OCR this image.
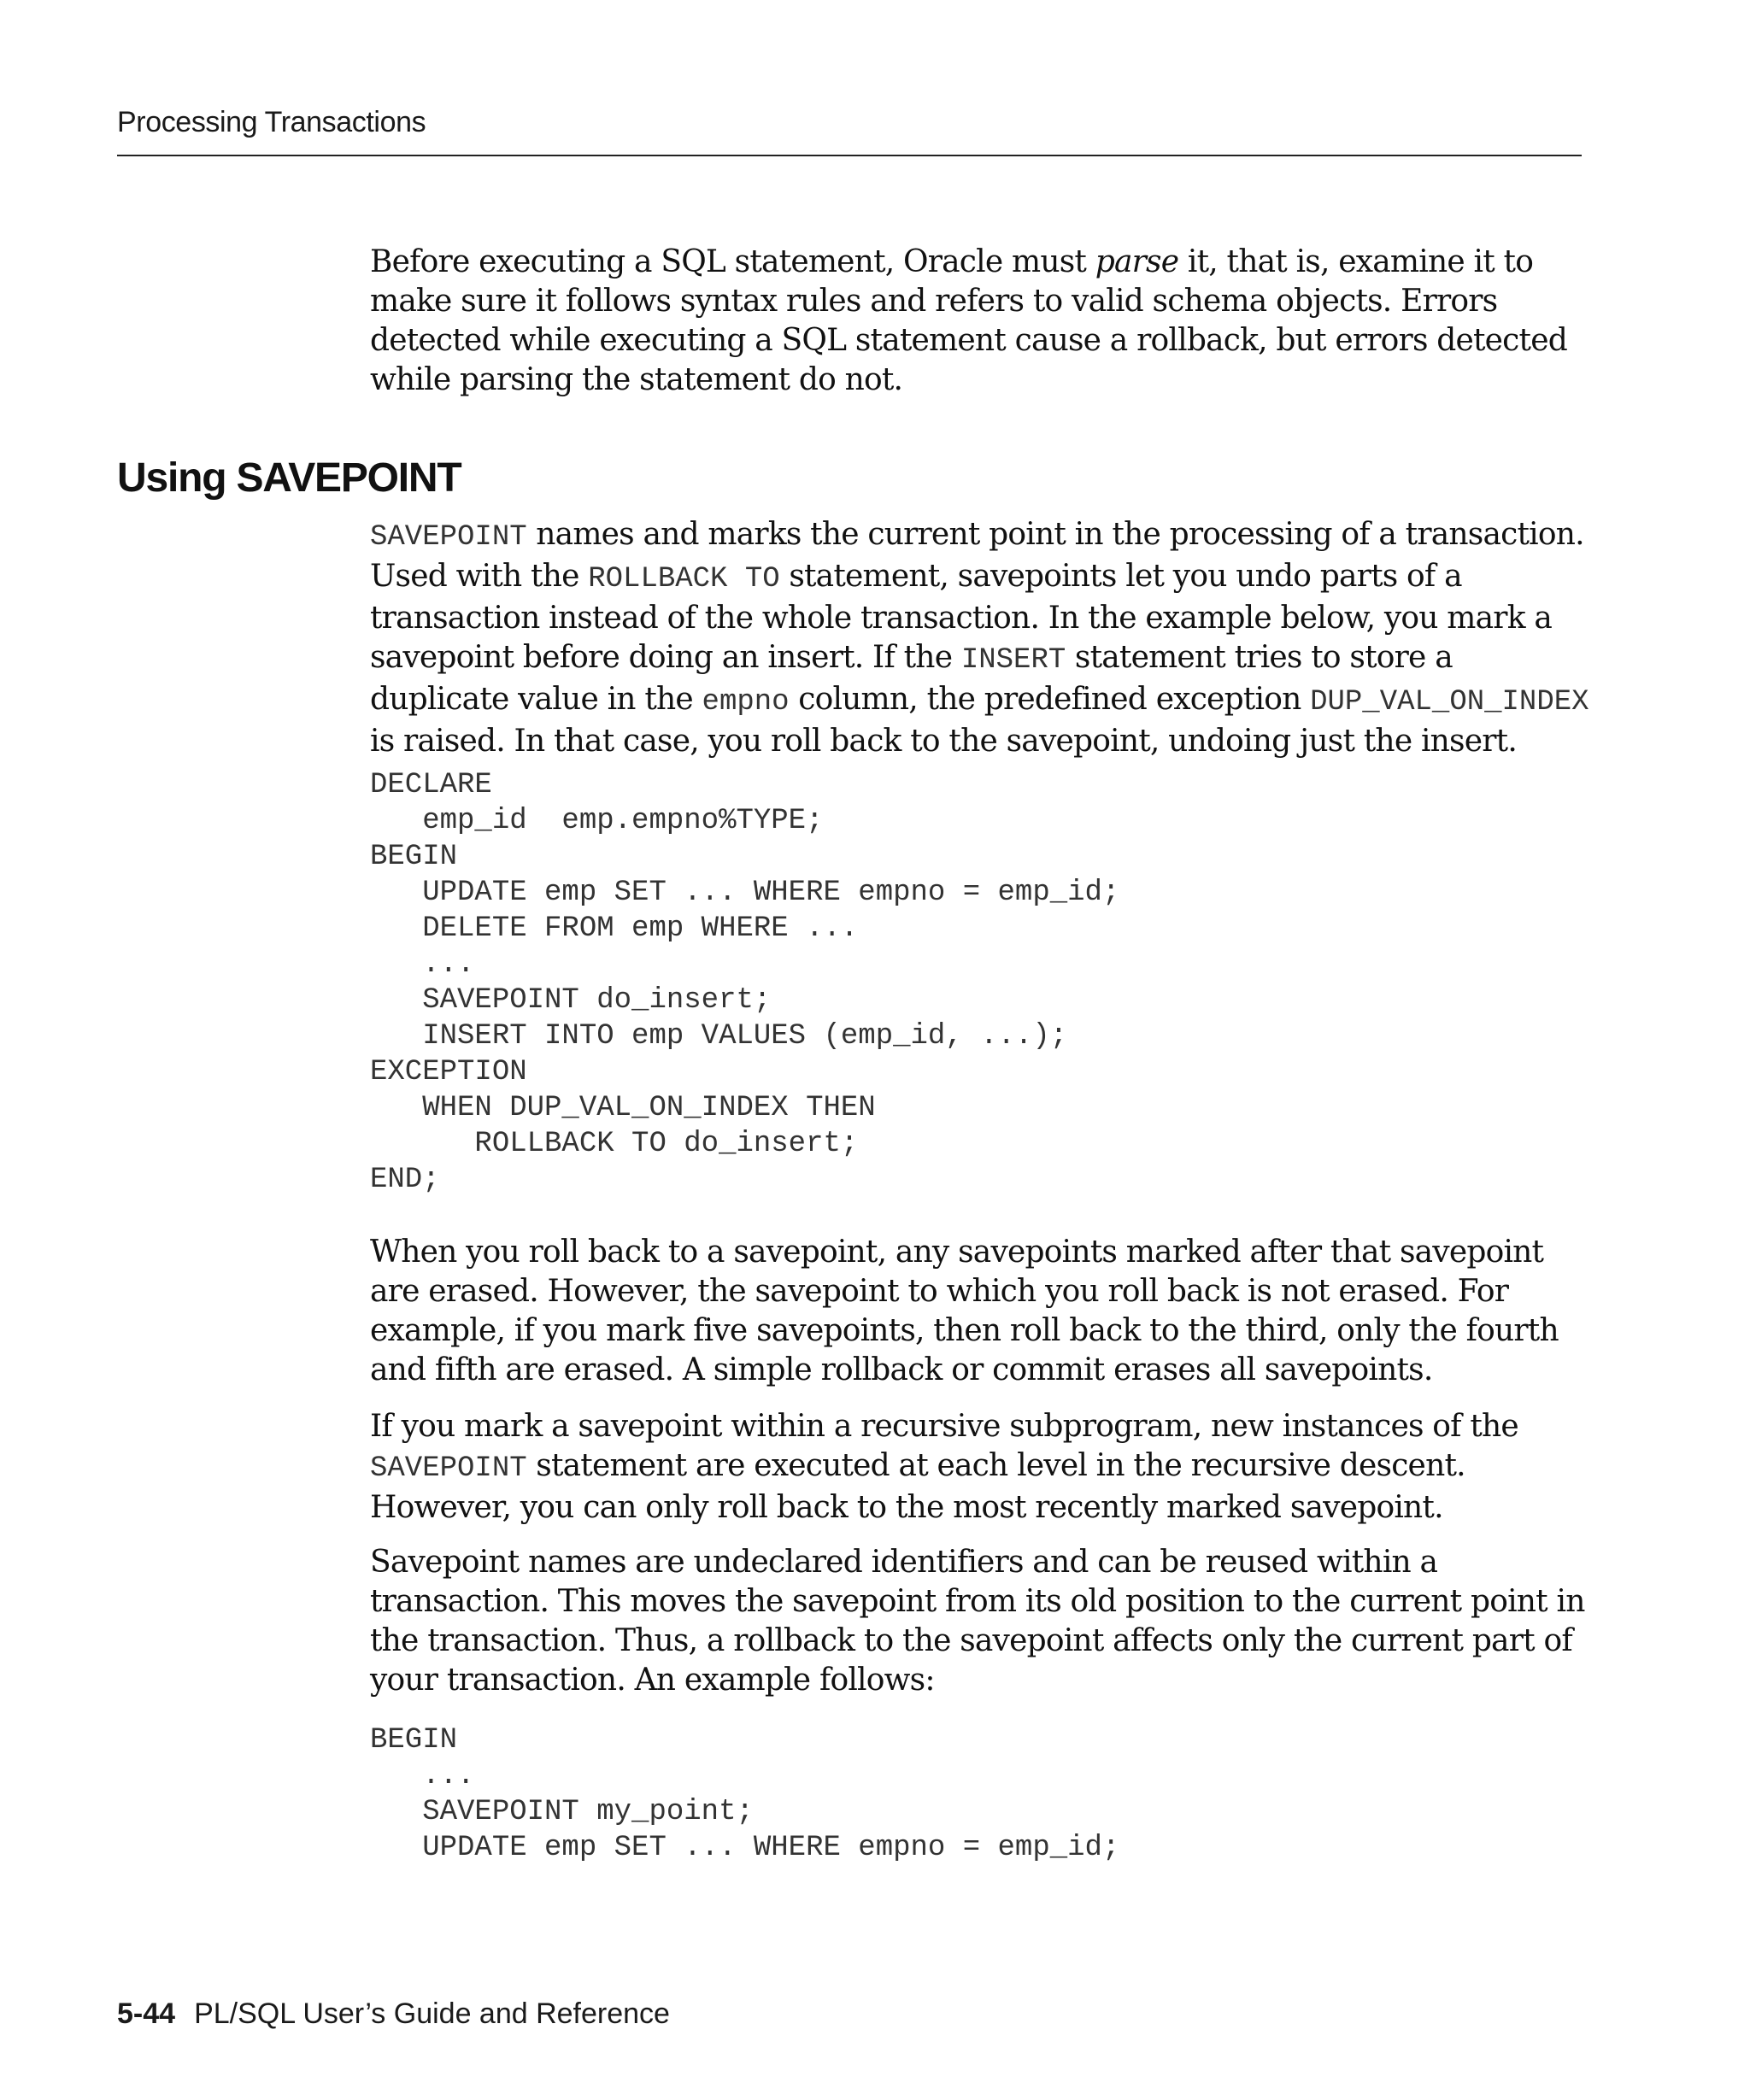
Processing Transactions

Before executing a SQL statement, Oracle must parse it, that is, examine it to make sure it follows syntax rules and refers to valid schema objects. Errors detected while executing a SQL statement cause a rollback, but errors detected while parsing the statement do not.

Using SAVEPOINT

SAVEPOINT names and marks the current point in the processing of a transaction. Used with the ROLLBACK TO statement, savepoints let you undo parts of a transaction instead of the whole transaction. In the example below, you mark a savepoint before doing an insert. If the INSERT statement tries to store a duplicate value in the empno column, the predefined exception DUP_VAL_ON_INDEX is raised. In that case, you roll back to the savepoint, undoing just the insert.

DECLARE
emp_id  emp.empno%TYPE;
BEGIN
UPDATE emp SET ... WHERE empno = emp_id;
DELETE FROM emp WHERE ...
...
SAVEPOINT do_insert;
INSERT INTO emp VALUES (emp_id, ...);
EXCEPTION
WHEN DUP_VAL_ON_INDEX THEN
ROLLBACK TO do_insert;
END;

When you roll back to a savepoint, any savepoints marked after that savepoint are erased. However, the savepoint to which you roll back is not erased. For example, if you mark five savepoints, then roll back to the third, only the fourth and fifth are erased. A simple rollback or commit erases all savepoints.

If you mark a savepoint within a recursive subprogram, new instances of the SAVEPOINT statement are executed at each level in the recursive descent. However, you can only roll back to the most recently marked savepoint.

Savepoint names are undeclared identifiers and can be reused within a transaction. This moves the savepoint from its old position to the current point in the transaction. Thus, a rollback to the savepoint affects only the current part of your transaction. An example follows:

BEGIN
...
SAVEPOINT my_point;
UPDATE emp SET ... WHERE empno = emp_id;
5-44 PL/SQL User’s Guide and Reference
